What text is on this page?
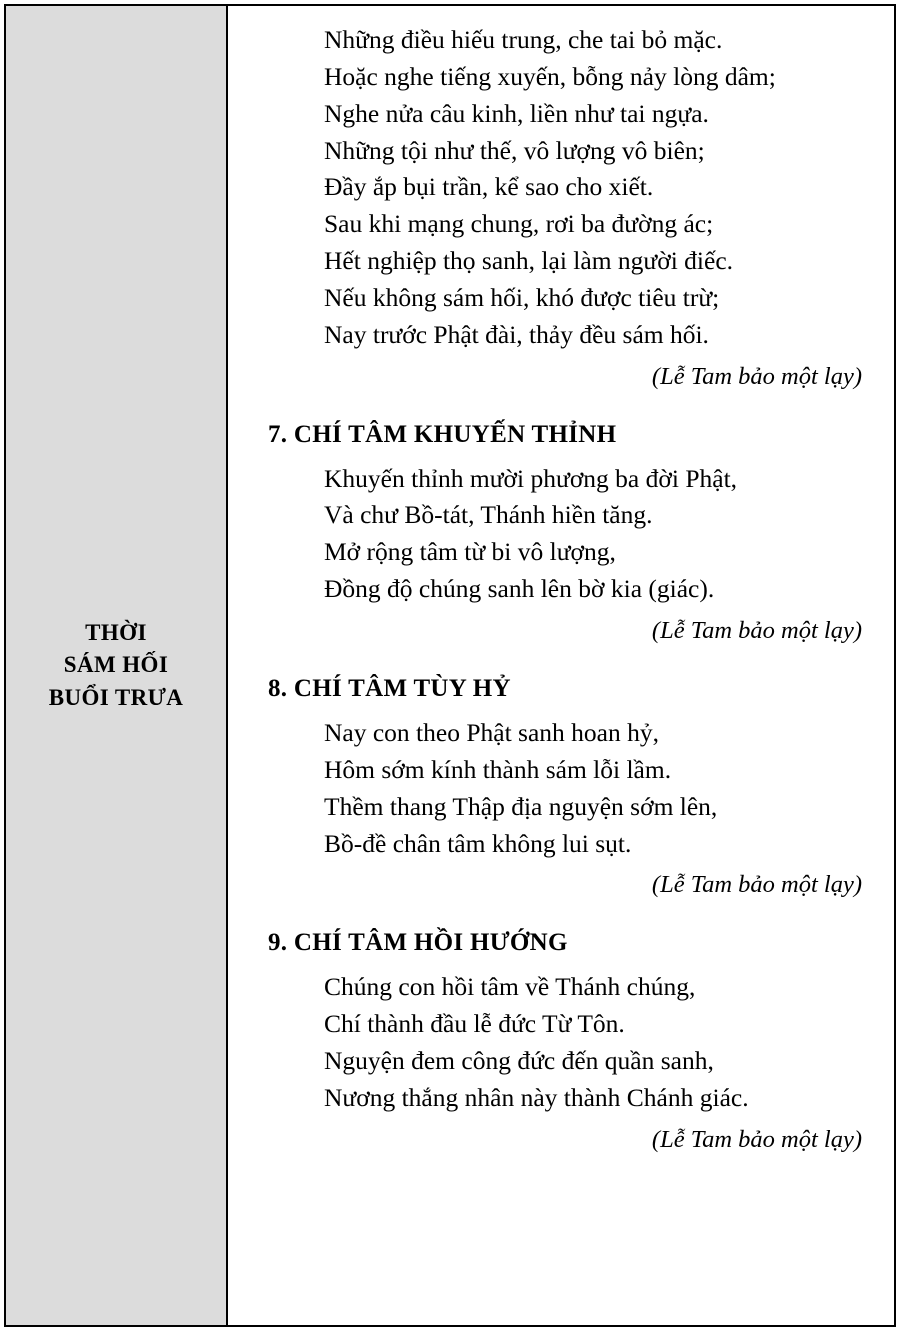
THỜI
SÁM HỐI
BUỔI TRƯA
Những điều hiếu trung, che tai bỏ mặc.
Hoặc nghe tiếng xuyến, bỗng nảy lòng dâm;
Nghe nửa câu kinh, liền như tai ngựa.
Những tội như thế, vô lượng vô biên;
Đầy ắp bụi trần, kể sao cho xiết.
Sau khi mạng chung, rơi ba đường ác;
Hết nghiệp thọ sanh, lại làm người điếc.
Nếu không sám hối, khó được tiêu trừ;
Nay trước Phật đài, thảy đều sám hối.
(Lễ Tam bảo một lạy)
7. CHÍ TÂM KHUYẾN THỈNH
Khuyến thỉnh mười phương ba đời Phật,
Và chư Bồ-tát, Thánh hiền tăng.
Mở rộng tâm từ bi vô lượng,
Đồng độ chúng sanh lên bờ kia (giác).
(Lễ Tam bảo một lạy)
8. CHÍ TÂM TÙY HỶ
Nay con theo Phật sanh hoan hỷ,
Hôm sớm kính thành sám lỗi lầm.
Thềm thang Thập địa nguyện sớm lên,
Bồ-đề chân tâm không lui sụt.
(Lễ Tam bảo một lạy)
9. CHÍ TÂM HỒI HƯỚNG
Chúng con hồi tâm về Thánh chúng,
Chí thành đầu lễ đức Từ Tôn.
Nguyện đem công đức đến quần sanh,
Nương thắng nhân này thành Chánh giác.
(Lễ Tam bảo một lạy)
